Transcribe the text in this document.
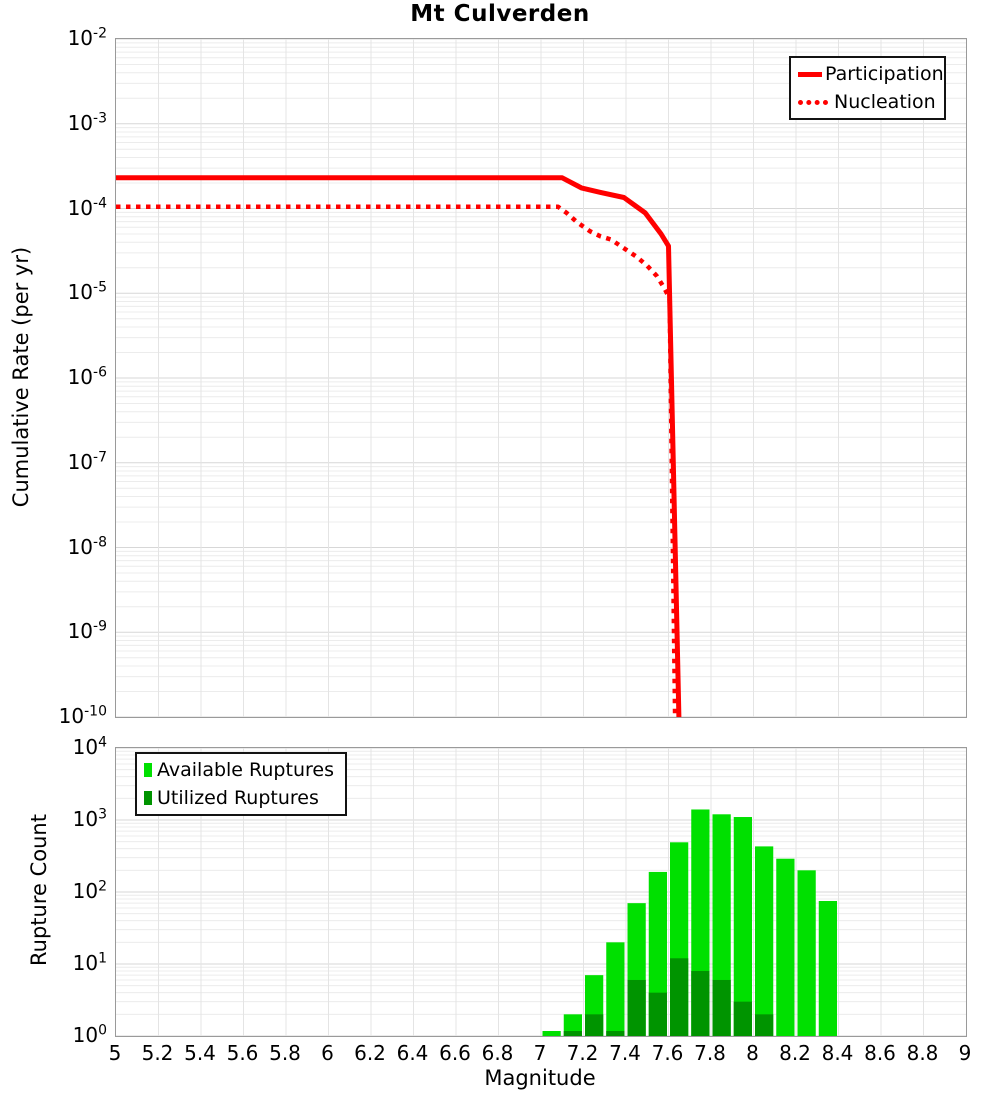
Mt Culverden
Cumulative Rate (per yr)
Rupture Count
Magnitude
Participation
Nucleation
Available Ruptures
Utilized Ruptures
$10^{-2}$
$10^{-3}$
$10^{-4}$
$10^{-5}$
$10^{-6}$
$10^{-7}$
$10^{-8}$
$10^{-9}$
$10^{-10}$
$10^4$
$10^3$
$10^2$
$10^1$
$10^0$
5	5.2 5.4 5.6 5.8	6	6.2 6.4 6.6 6.8	7	7.2 7.4 7.6 7.8	8	8.2 8.4 8.6 8.8	9
